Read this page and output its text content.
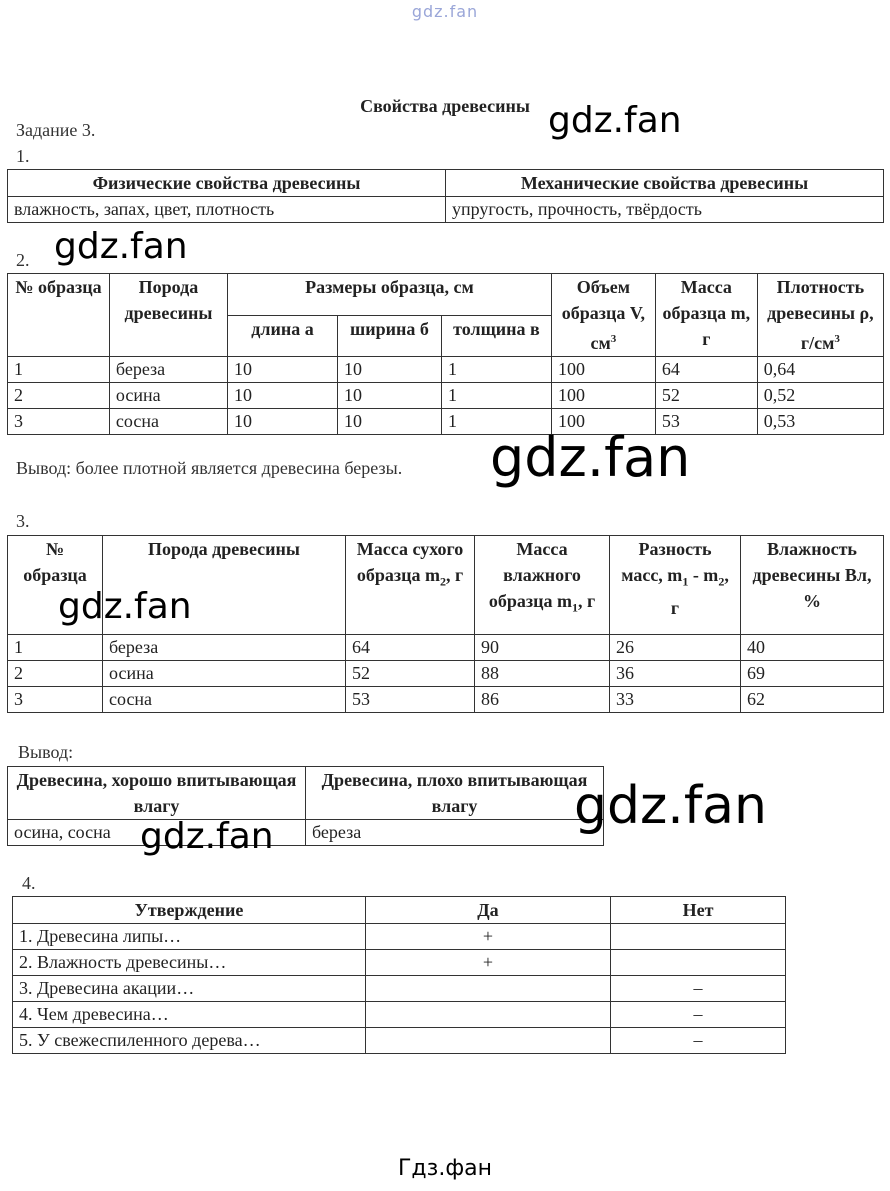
gdz.fan
Свойства древесины
Задание 3.
1.
Физические свойства древесины	Механические свойства древесины
влажность, запах, цвет, плотность	упругость, прочность, твёрдость
2.
№ образца	Порода древесины	Размеры образца, см			Объем образца V, $см^3$	Масса образца m, г	Плотность древесины ρ, $г/см^3$
		длина а	ширина б	толщина в			
1	береза	10	10	1	100	64	0,64
2	осина	10	10	1	100	52	0,52
3	сосна	10	10	1	100	53	0,53
Вывод: более плотной является древесина березы.
3.
№ образца	Порода древесины	Масса сухого образца $m_2$, г	Масса влажного образца $m_1$, г	Разность масс, $m_1 - m_2$, г	Влажность древесины Вл, %
1	береза	64	90	26	40
2	осина	52	88	36	69
3	сосна	53	86	33	62
Вывод:
Древесина, хорошо впитывающая влагу	Древесина, плохо впитывающая влагу
осина, сосна	береза
4.
Утверждение	Да	Нет
1. Древесина липы…	+	
2. Влажность древесины…	+	
3. Древесина акации…		–
4. Чем древесина…		–
5. У свежеспиленного дерева…		–
gdz.fan
gdz.fan
gdz.fan
gdz.fan
gdz.fan
gdz.fan
Гдз.фан
